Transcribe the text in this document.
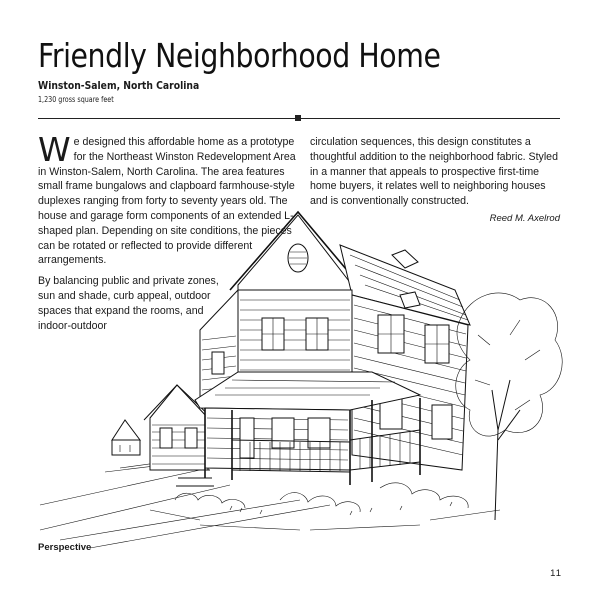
Friendly Neighborhood Home
Winston-Salem, North Carolina
1,230 gross square feet

We designed this affordable home as a prototype for the Northeast Winston Redevelopment Area in Winston-Salem, North Carolina. The area features small frame bungalows and clapboard farmhouse-style duplexes ranging from forty to seventy years old. The house and garage form components of an extended L-shaped plan. Depending on site conditions, the pieces can be rotated or reflected to provide different arrangements.

By balancing public and private zones, sun and shade, curb appeal, outdoor spaces that expand the rooms, and indoor-outdoor

circulation sequences, this design constitutes a thoughtful addition to the neighborhood fabric. Styled in a manner that appeals to prospective first-time home buyers, it relates well to neighboring houses and is conventionally constructed.

Reed M. Axelrod
Perspective
11
